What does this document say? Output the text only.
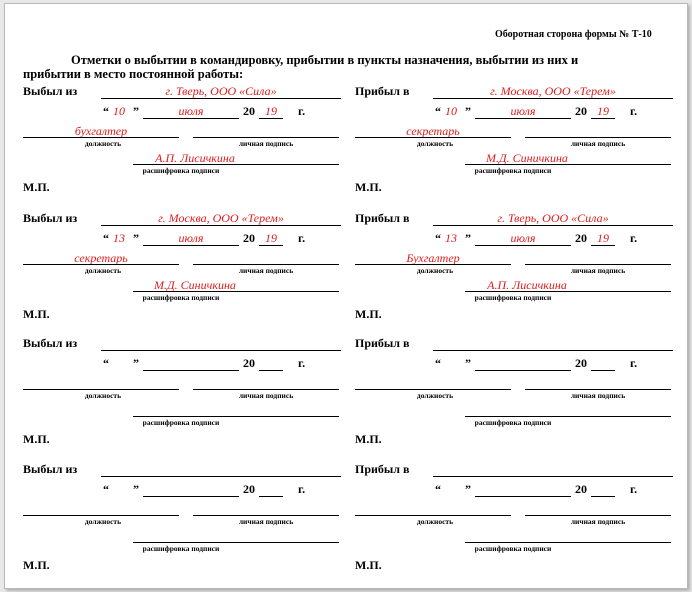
Оборотная сторона формы № Т-10
Отметки о выбытии в командировку, прибытии в пункты назначения, выбытии из них и
прибытии в место постоянной работы:
Выбыл из	г. Тверь, ООО «Сила»
“ 10 ”	июля	20 19	г.
бухгалтер
должность	личная подпись
А.П. Лисичкина
расшифровка подписи
М.П.
Прибыл в	г. Москва, ООО «Терем»
“ 10 ”	июля	20 19	г.
секретарь
должность	личная подпись
М.Д. Синичкина
расшифровка подписи
М.П.
Выбыл из	г. Москва, ООО «Терем»
“ 13 ”	июля	20 19	г.
секретарь
должность	личная подпись
М.Д. Синичкина
расшифровка подписи
М.П.
Прибыл в	г. Тверь, ООО «Сила»
“ 13 ”	июля	20 19	г.
Бухгалтер
должность	личная подпись
А.П. Лисичкина
расшифровка подписи
М.П.
Выбыл из
“ ”	20	г.
должность	личная подпись
расшифровка подписи
М.П.
Прибыл в
“ ”	20	г.
должность	личная подпись
расшифровка подписи
М.П.
Выбыл из
“ ”	20	г.
должность	личная подпись
расшифровка подписи
М.П.
Прибыл в
“ ”	20	г.
должность	личная подпись
расшифровка подписи
М.П.
